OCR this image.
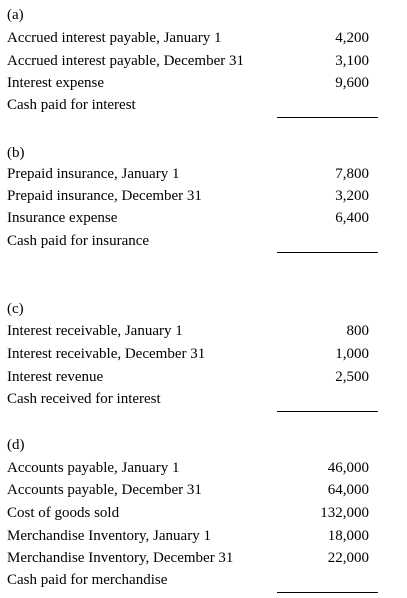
(a)
Accrued interest payable, January 1	4,200
Accrued interest payable, December 31	3,100
Interest expense	9,600
Cash paid for interest
(b)
Prepaid insurance, January 1	7,800
Prepaid insurance, December 31	3,200
Insurance expense	6,400
Cash paid for insurance
(c)
Interest receivable, January 1	800
Interest receivable, December 31	1,000
Interest revenue	2,500
Cash received for interest
(d)
Accounts payable, January 1	46,000
Accounts payable, December 31	64,000
Cost of goods sold	132,000
Merchandise Inventory, January 1	18,000
Merchandise Inventory, December 31	22,000
Cash paid for merchandise
